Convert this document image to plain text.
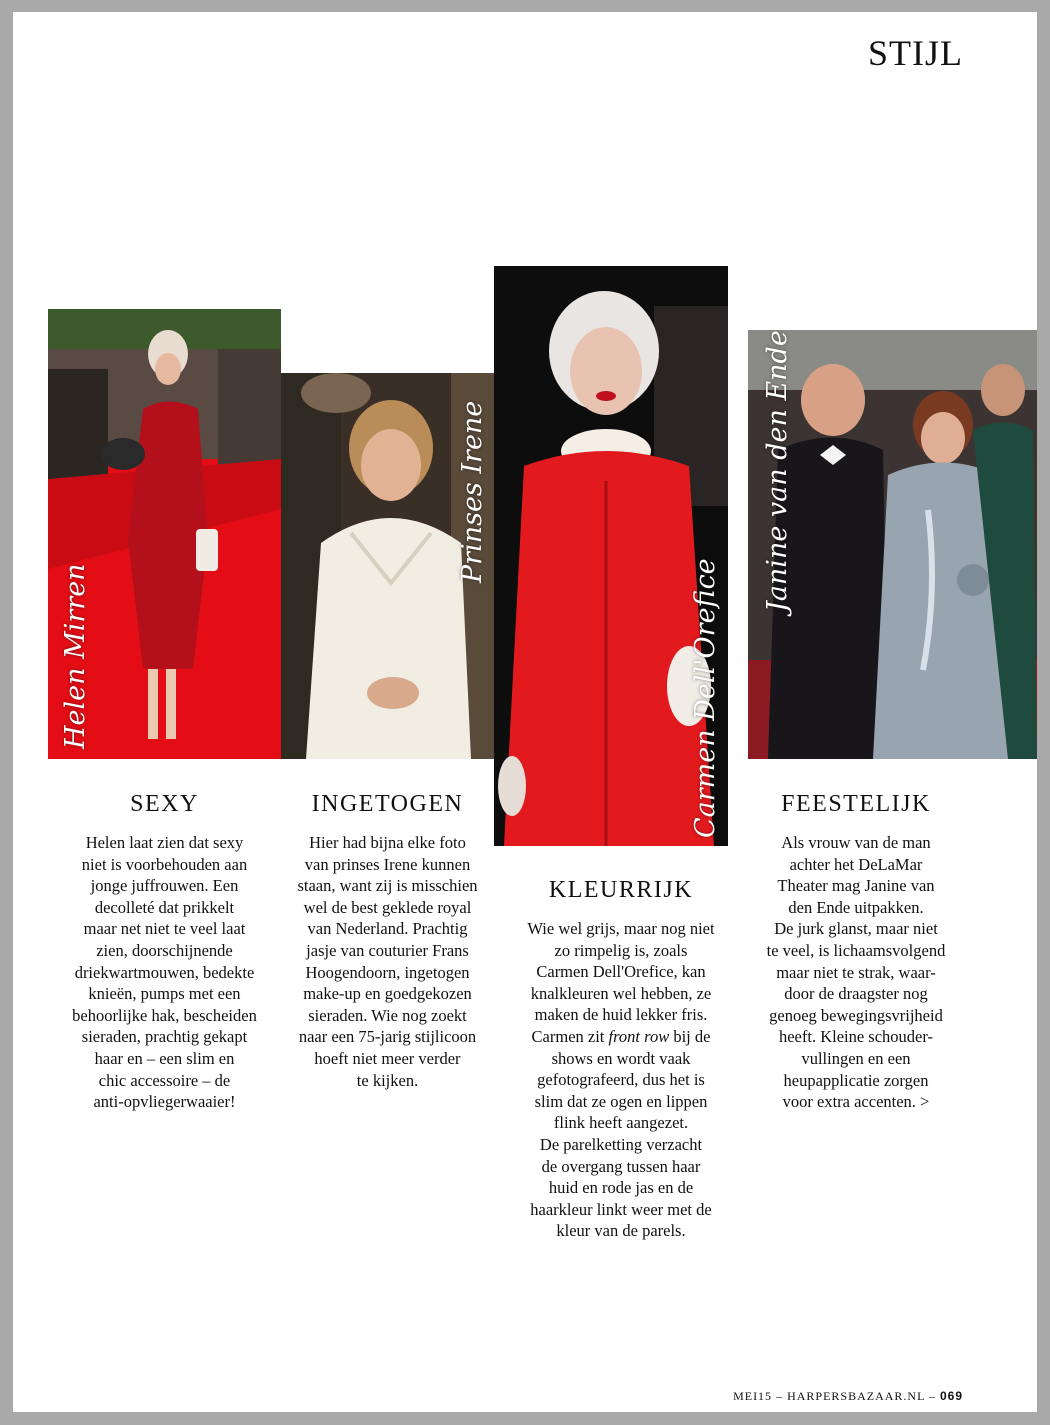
STIJL
Helen Mirren
Prinses Irene
Carmen Dell'Orefice
Janine van den Ende
SEXY

Helen laat zien dat sexy
niet is voorbehouden aan
jonge juffrouwen. Een
decolleté dat prikkelt
maar net niet te veel laat
zien, doorschijnende
driekwartmouwen, bedekte
knieën, pumps met een
behoorlijke hak, bescheiden
sieraden, prachtig gekapt
haar en – een slim en
chic accessoire – de
anti-opvliegerwaaier!

INGETOGEN

Hier had bijna elke foto
van prinses Irene kunnen
staan, want zij is misschien
wel de best geklede royal
van Nederland. Prachtig
jasje van couturier Frans
Hoogendoorn, ingetogen
make-up en goedgekozen
sieraden. Wie nog zoekt
naar een 75-jarig stijlicoon
hoeft niet meer verder
te kijken.

KLEURRIJK

Wie wel grijs, maar nog niet
zo rimpelig is, zoals
Carmen Dell'Orefice, kan
knalkleuren wel hebben, ze
maken de huid lekker fris.
Carmen zit front row bij de
shows en wordt vaak
gefotografeerd, dus het is
slim dat ze ogen en lippen
flink heeft aangezet.
De parelketting verzacht
de overgang tussen haar
huid en rode jas en de
haarkleur linkt weer met de
kleur van de parels.

FEESTELIJK

Als vrouw van de man
achter het DeLaMar
Theater mag Janine van
den Ende uitpakken.
De jurk glanst, maar niet
te veel, is lichaamsvolgend
maar niet te strak, waar-
door de draagster nog
genoeg bewegingsvrijheid
heeft. Kleine schouder-
vullingen en een
heupapplicatie zorgen
voor extra accenten. >

MEI15 – HARPERSBAZAAR.NL – 069
